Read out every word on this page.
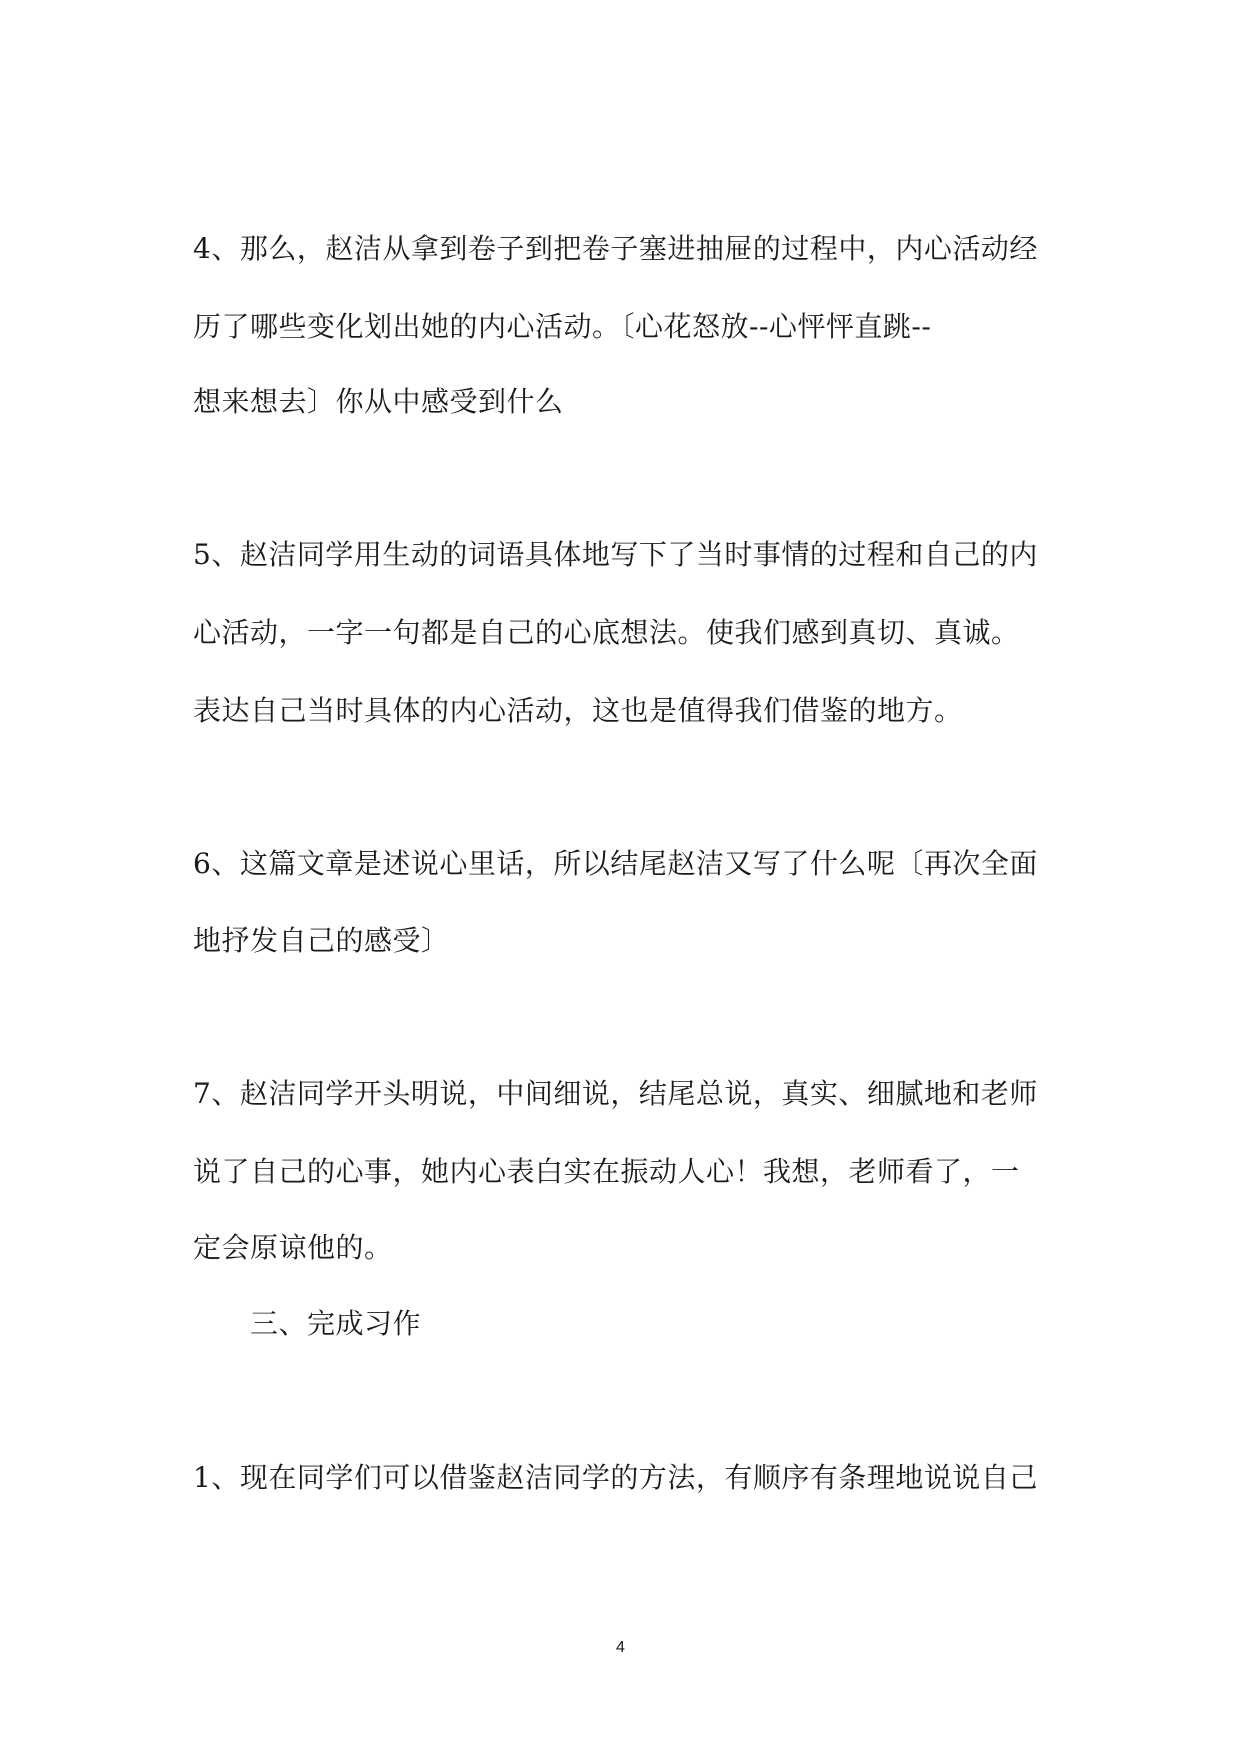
4、那么，赵洁从拿到卷子到把卷子塞进抽屉的过程中，内心活动经
历了哪些变化划出她的内心活动。〔心花怒放--心怦怦直跳--
想来想去〕你从中感受到什么
5、赵洁同学用生动的词语具体地写下了当时事情的过程和自己的内
心活动，一字一句都是自己的心底想法。使我们感到真切、真诚。
表达自己当时具体的内心活动，这也是值得我们借鉴的地方。
6、这篇文章是述说心里话，所以结尾赵洁又写了什么呢〔再次全面
地抒发自己的感受〕
7、赵洁同学开头明说，中间细说，结尾总说，真实、细腻地和老师
说了自己的心事，她内心表白实在振动人心！我想，老师看了，一
定会原谅他的。
三、完成习作
1、现在同学们可以借鉴赵洁同学的方法，有顺序有条理地说说自己
4
